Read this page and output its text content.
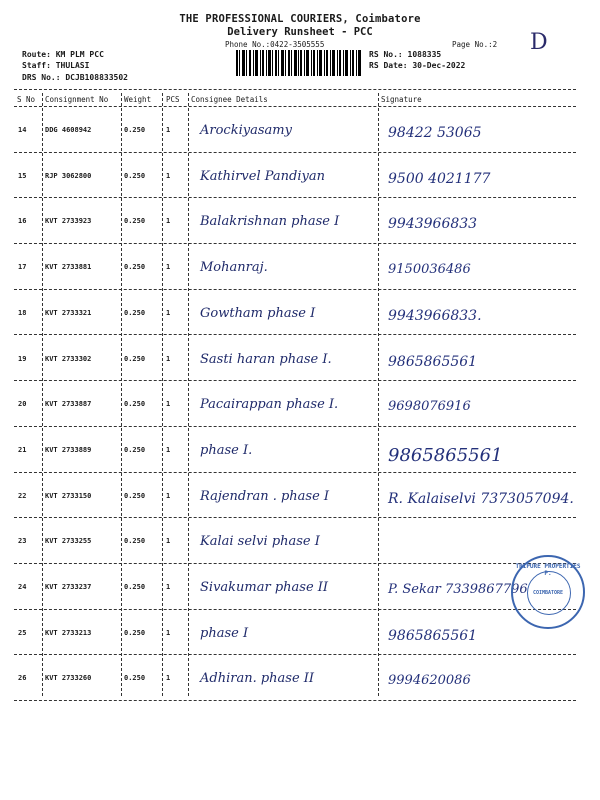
THE PROFESSIONAL COURIERS, Coimbatore
Delivery Runsheet - PCC
Phone No.:0422-3505555	Page No.:2 D
Route: KM PLM PCC
Staff: THULASI
DRS No.: DCJB108833502
RS No.: 1088335
RS Date: 30-Dec-2022
S No Consignment No Weight PCS Consignee Details	Signature
14	DDG 4608942	0.250	1 Arockiyasamy	98422 53065
15	RJP 3062800	0.250	1 Kathirvel Pandiyan	9500 4021177
16	KVT 2733923	0.250	1 Balakrishnan phase I	9943966833
17	KVT 2733881	0.250	1 Mohanraj.	9150036486
18	KVT 2733321	0.250	1 Gowtham phase I	9943966833.
19	KVT 2733302	0.250	1 Sasti haran phase I.	9865865561
20	KVT 2733887	0.250	1 Pacairappan phase I.	9698076916
21	KVT 2733889	0.250	1 phase I.	9865865561
22	KVT 2733150	0.250	1 Rajendran . phase I	R. Kalaiselvi 7373057094.
23	KVT 2733255	0.250	1 Kalai selvi phase I
24	KVT 2733237	0.250	1 Sivakumar phase II	P. Sekar 7339867796
25	KVT 2733213	0.250	1 phase I	9865865561
26	KVT 2733260	0.250	1 Adhiran. phase II	9994620086
TRIPURE PROPERTIES P.
COIMBATORE
